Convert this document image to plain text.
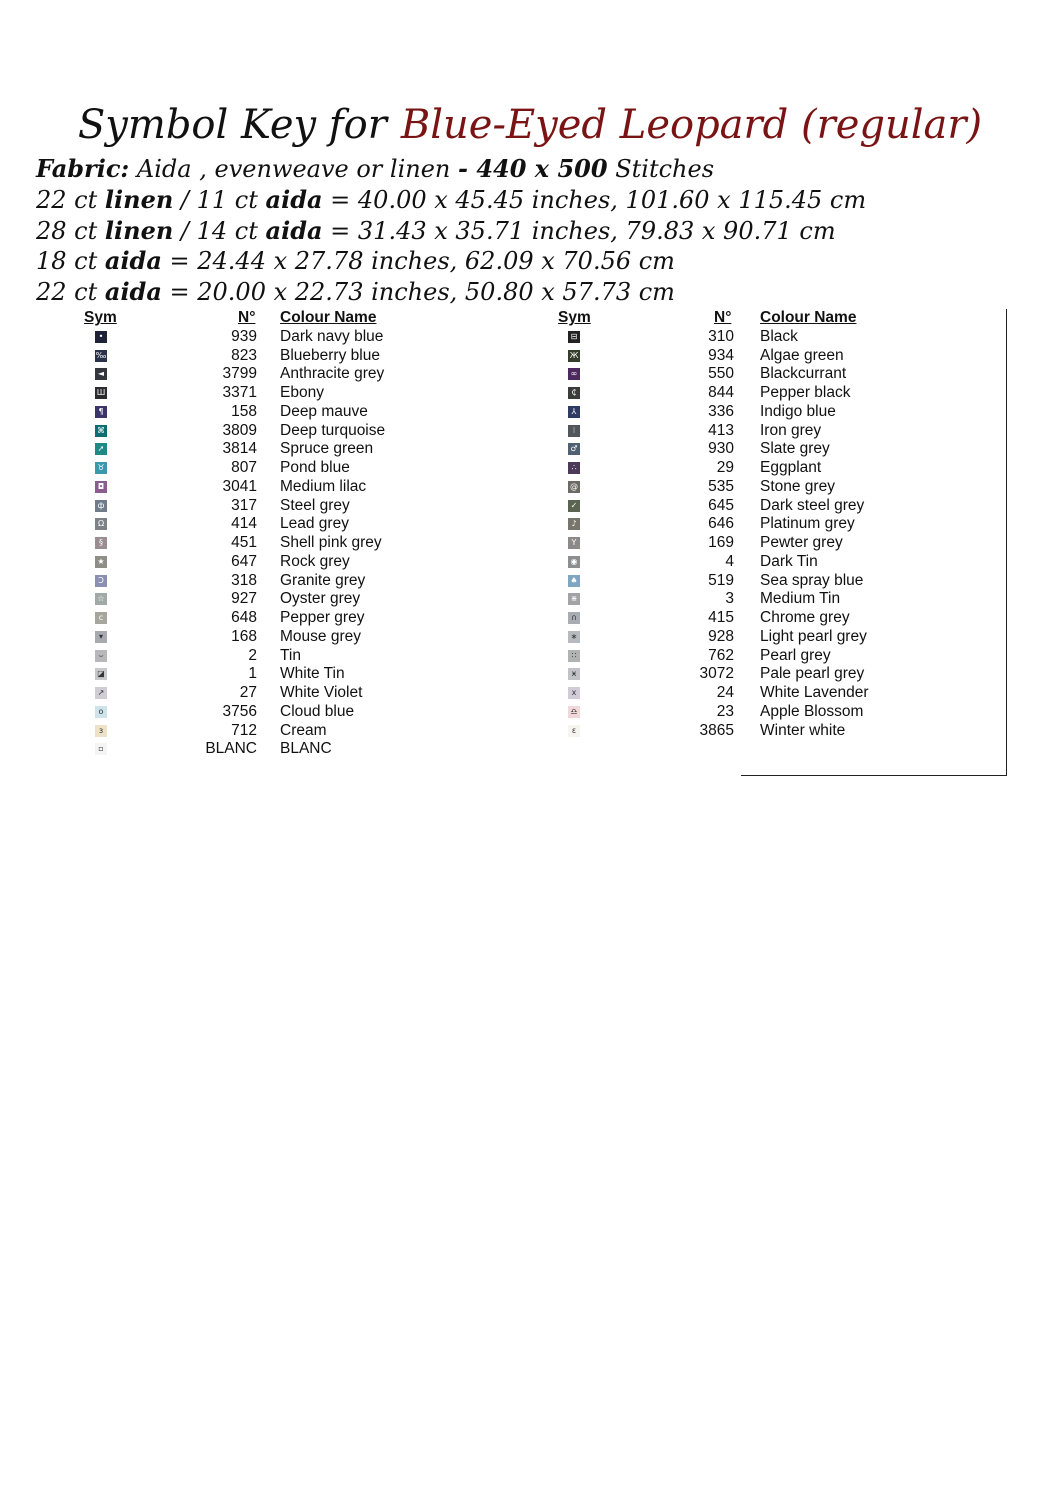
Symbol Key for Blue-Eyed Leopard (regular)
Fabric: Aida , evenweave or linen - 440 x 500 Stitches
22 ct linen / 11 ct aida = 40.00 x 45.45 inches, 101.60 x 115.45 cm
28 ct linen / 14 ct aida = 31.43 x 35.71 inches, 79.83 x 90.71 cm
18 ct aida = 24.44 x 27.78 inches, 62.09 x 70.56 cm
22 ct aida = 20.00 x 22.73 inches, 50.80 x 57.73 cm
Sym	N° Colour Name
•	939 Dark navy blue
‰	823 Blueberry blue
◄	3799 Anthracite grey
Ш	3371 Ebony
¶	158 Deep mauve
⌘	3809 Deep turquoise
➚	3814 Spruce green
♉	807 Pond blue
◘	3041 Medium lilac
ф	317 Steel grey
Ω	414 Lead grey
§	451 Shell pink grey
★	647 Rock grey
Ɔ	318 Granite grey
☆	927 Oyster grey
c	648 Pepper grey
▾	168 Mouse grey
⌣	2 Tin
◪	1 White Tin
↗	27 White Violet
o	3756 Cloud blue
ɜ	712 Cream
▫	BLANC BLANC
Sym	N° Colour Name
⊟	310 Black
Ж	934 Algae green
∞	550 Blackcurrant
₵	844 Pepper black
⅄	336 Indigo blue
⁝	413 Iron grey
♂	930 Slate grey
∴	29 Eggplant
@	535 Stone grey
✓	645 Dark steel grey
♪	646 Platinum grey
Y	169 Pewter grey
◉	4 Dark Tin
♠	519 Sea spray blue
⋇	3 Medium Tin
∩	415 Chrome grey
∗	928 Light pearl grey
∷	762 Pearl grey
ӿ	3072 Pale pearl grey
x	24 White Lavender
♎	23 Apple Blossom
ε	3865 Winter white
